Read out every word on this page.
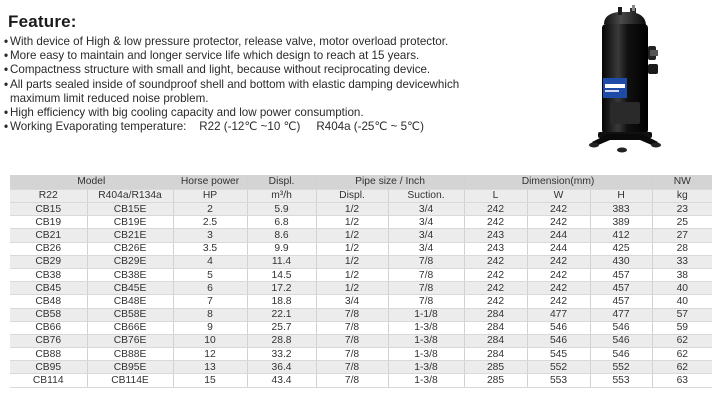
Feature:
• With device of High & low pressure protector, release valve, motor overload protector.
• More easy to maintain and longer service life which design to reach at 15 years.
• Compactness structure with small and light, because without reciprocating device.
• All parts sealed inside of soundproof shell and bottom with elastic damping devicewhich
maximum limit reduced noise problem.
• High efficiency with big cooling capacity and low power consumption.
• Working Evaporating temperature: R22 (-12℃ ~10 ℃) R404a (-25℃ ~ 5℃)
Model		Horse power	Displ.	Pipe size / Inch		Dimension(mm)			NW
R22	R404a/R134a	HP	m³/h	Displ.	Suction.	L	W	H	kg
CB15	CB15E	2	5.9	1/2	3/4	242	242	383	23
CB19	CB19E	2.5	6.8	1/2	3/4	242	242	389	25
CB21	CB21E	3	8.6	1/2	3/4	243	244	412	27
CB26	CB26E	3.5	9.9	1/2	3/4	243	244	425	28
CB29	CB29E	4	11.4	1/2	7/8	242	242	430	33
CB38	CB38E	5	14.5	1/2	7/8	242	242	457	38
CB45	CB45E	6	17.2	1/2	7/8	242	242	457	40
CB48	CB48E	7	18.8	3/4	7/8	242	242	457	40
CB58	CB58E	8	22.1	7/8	1-1/8	284	477	477	57
CB66	CB66E	9	25.7	7/8	1-3/8	284	546	546	59
CB76	CB76E	10	28.8	7/8	1-3/8	284	546	546	62
CB88	CB88E	12	33.2	7/8	1-3/8	284	545	546	62
CB95	CB95E	13	36.4	7/8	1-3/8	285	552	552	62
CB114	CB114E	15	43.4	7/8	1-3/8	285	553	553	63
